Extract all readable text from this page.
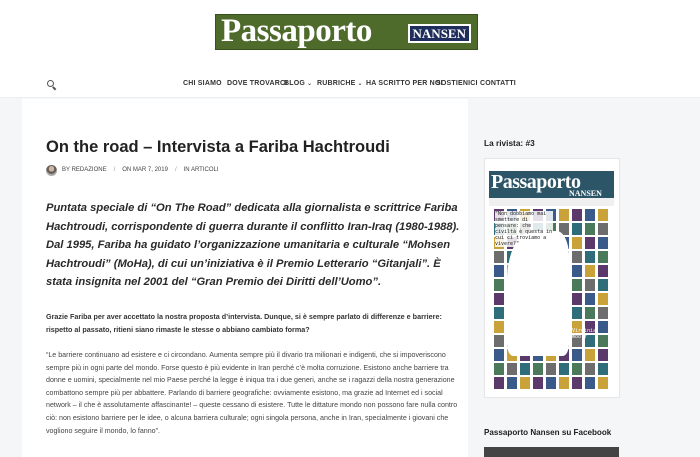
Passaporto	NANSEN
CHI SIAMO DOVE TROVARCI
BLOG ⌄ RUBRICHE ⌄ HA SCRITTO PER NOI
SOSTIENICI CONTATTI
On the road – Intervista a Fariba Hachtroudi
BY REDAZIONE / ON MAR 7, 2019 / IN ARTICOLI

Puntata speciale di “On The Road” dedicata alla giornalista e scrittrice Fariba Hachtroudi, corrispondente di guerra durante il conflitto Iran-Iraq (1980-1988). Dal 1995, Fariba ha guidato l’organizzazione umanitaria e culturale “Mohsen Hachtroudi” (MoHa), di cui un’iniziativa è il Premio Letterario “Gitanjali”. È stata insignita nel 2001 del “Gran Premio dei Diritti dell’Uomo”.

Grazie Fariba per aver accettato la nostra proposta d’intervista. Dunque, si è sempre parlato di differenze e barriere: rispetto al passato, ritieni siano rimaste le stesse o abbiano cambiato forma?

“Le barriere continuano ad esistere e ci circondano. Aumenta sempre più il divario tra milionari e indigenti, che si impoveriscono sempre più in ogni parte del mondo. Forse questo è più evidente in Iran perché c’è molta corruzione. Esistono anche barriere tra donne e uomini, specialmente nel mio Paese perché la legge è iniqua tra i due generi, anche se i ragazzi della nostra generazione combattono sempre più per abbattere. Parlando di barriere geografiche: ovviamente esistono, ma grazie ad Internet ed i social network – il che è assolutamente affascinante! – queste cessano di esistere. Tutte le dittature mondo non possono fare nulla contro ciò: non esistono barriere per le idee, o alcuna barriera culturale; ogni singola persona, anche in Iran, specialmente i giovani che vogliono seguire il mondo, lo fanno”.

La rivista: #3
Passaporto
NANSEN
"Non dobbiamo mai smettere di pensare: che civiltà è questa in cui ci troviamo a vivere?"
Virginia Woolf
Passaporto Nansen su Facebook
